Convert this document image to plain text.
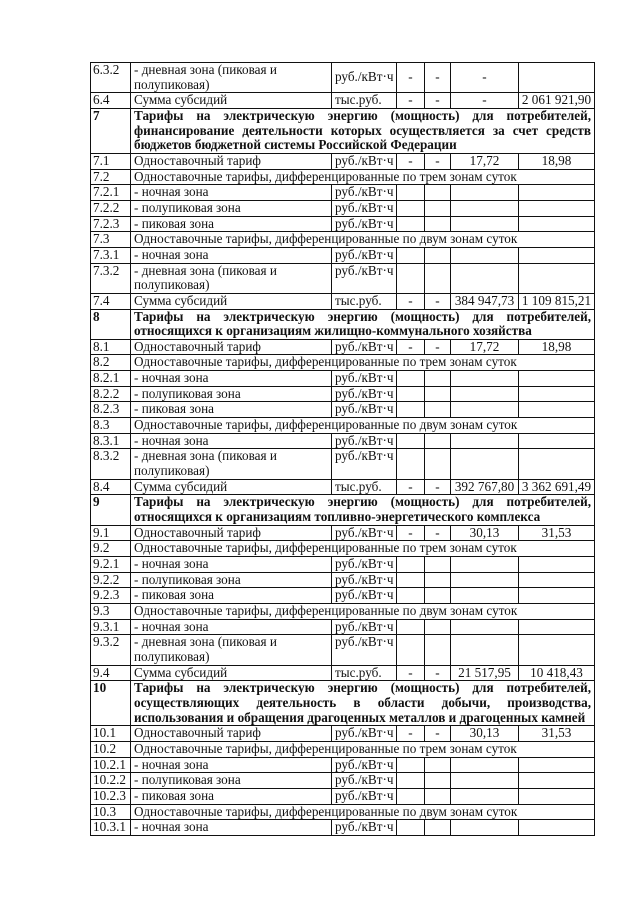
6.3.2	- дневная зона (пиковая и полупиковая)	руб./кВт·ч	-	-	-	
6.4	Сумма субсидий	тыс.руб.	-	-	-	2 061 921,90
7	Тарифы на электрическую энергию (мощность) для потребителей, финансирование деятельности которых осуществляется за счет средств бюджетов бюджетной системы Российской Федерации					
7.1	Одноставочный тариф	руб./кВт·ч	-	-	17,72	18,98
7.2	Одноставочные тарифы, дифференцированные по трем зонам суток					
7.2.1	- ночная зона	руб./кВт·ч				
7.2.2	- полупиковая зона	руб./кВт·ч				
7.2.3	- пиковая зона	руб./кВт·ч				
7.3	Одноставочные тарифы, дифференцированные по двум зонам суток					
7.3.1	- ночная зона	руб./кВт·ч				
7.3.2	- дневная зона (пиковая и полупиковая)	руб./кВт·ч				
7.4	Сумма субсидий	тыс.руб.	-	-	384 947,73	1 109 815,21
8	Тарифы на электрическую энергию (мощность) для потребителей, относящихся к организациям жилищно-коммунального хозяйства					
8.1	Одноставочный тариф	руб./кВт·ч	-	-	17,72	18,98
8.2	Одноставочные тарифы, дифференцированные по трем зонам суток					
8.2.1	- ночная зона	руб./кВт·ч				
8.2.2	- полупиковая зона	руб./кВт·ч				
8.2.3	- пиковая зона	руб./кВт·ч				
8.3	Одноставочные тарифы, дифференцированные по двум зонам суток					
8.3.1	- ночная зона	руб./кВт·ч				
8.3.2	- дневная зона (пиковая и полупиковая)	руб./кВт·ч				
8.4	Сумма субсидий	тыс.руб.	-	-	392 767,80	3 362 691,49
9	Тарифы на электрическую энергию (мощность) для потребителей, относящихся к организациям топливно-энергетического комплекса					
9.1	Одноставочный тариф	руб./кВт·ч	-	-	30,13	31,53
9.2	Одноставочные тарифы, дифференцированные по трем зонам суток					
9.2.1	- ночная зона	руб./кВт·ч				
9.2.2	- полупиковая зона	руб./кВт·ч				
9.2.3	- пиковая зона	руб./кВт·ч				
9.3	Одноставочные тарифы, дифференцированные по двум зонам суток					
9.3.1	- ночная зона	руб./кВт·ч				
9.3.2	- дневная зона (пиковая и полупиковая)	руб./кВт·ч				
9.4	Сумма субсидий	тыс.руб.	-	-	21 517,95	10 418,43
10	Тарифы на электрическую энергию (мощность) для потребителей, осуществляющих деятельность в области добычи, производства, использования и обращения драгоценных металлов и драгоценных камней					
10.1	Одноставочный тариф	руб./кВт·ч	-	-	30,13	31,53
10.2	Одноставочные тарифы, дифференцированные по трем зонам суток					
10.2.1	- ночная зона	руб./кВт·ч				
10.2.2	- полупиковая зона	руб./кВт·ч				
10.2.3	- пиковая зона	руб./кВт·ч				
10.3	Одноставочные тарифы, дифференцированные по двум зонам суток					
10.3.1	- ночная зона	руб./кВт·ч				
